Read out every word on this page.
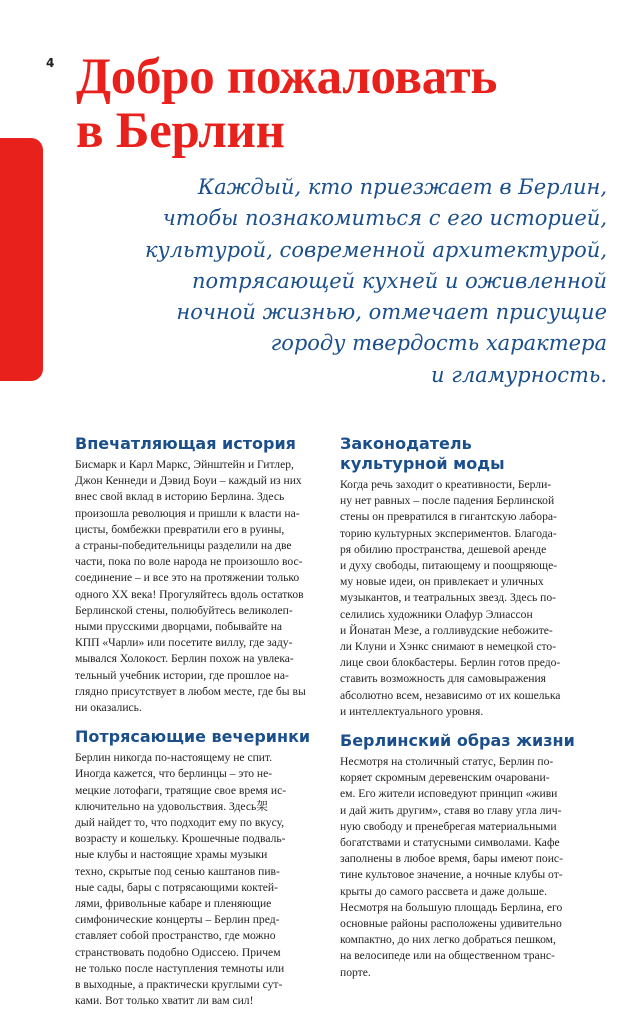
4 Добро пожаловать
в Берлин

Каждый, кто приезжает в Берлин,
чтобы познакомиться с его историей,
культурой, современной архитектурой,
потрясающей кухней и оживленной
ночной жизнью, отмечает присущие
городу твердость характера
и гламурность.

Впечатляющая история
Бисмарк и Карл Маркс, Эйнштейн и Гитлер,
Джон Кеннеди и Дэвид Боуи – каждый из них
внес свой вклад в историю Берлина. Здесь
произошла революция и пришли к власти на-
цисты, бомбежки превратили его в руины,
а страны-победительницы разделили на две
части, пока по воле народа не произошло вос-
соединение – и все это на протяжении только
одного XX века! Прогуляйтесь вдоль остатков
Берлинской стены, полюбуйтесь великолеп-
ными прусскими дворцами, побывайте на
КПП «Чарли» или посетите виллу, где заду-
мывался Холокост. Берлин похож на увлека-
тельный учебник истории, где прошлое на-
глядно присутствует в любом месте, где бы вы
ни оказались.
Потрясающие вечеринки
Берлин никогда по-настоящему не спит.
Иногда кажется, что берлинцы – это не-
мецкие лотофаги, тратящие свое время ис-
ключительно на удовольствия. Здесь架
дый найдет то, что подходит ему по вкусу,
возрасту и кошельку. Крошечные подваль-
ные клубы и настоящие храмы музыки
техно, скрытые под сенью каштанов пив-
ные сады, бары с потрясающими коктей-
лями, фривольные кабаре и пленяющие
симфонические концерты – Берлин пред-
ставляет собой пространство, где можно
странствовать подобно Одиссею. Причем
не только после наступления темноты или
в выходные, а практически круглыми сут-
ками. Вот только хватит ли вам сил!
Законодатель
культурной моды
Когда речь заходит о креативности, Берли-
ну нет равных – после падения Берлинской
стены он превратился в гигантскую лабора-
торию культурных экспериментов. Благода-
ря обилию пространства, дешевой аренде
и духу свободы, питающему и поощряюще-
му новые идеи, он привлекает и уличных
музыкантов, и театральных звезд. Здесь по-
селились художники Олафур Элиассон
и Йонатан Мезе, а голливудские небожите-
ли Клуни и Хэнкс снимают в немецкой сто-
лице свои блокбастеры. Берлин готов предо-
ставить возможность для самовыражения
абсолютно всем, независимо от их кошелька
и интеллектуального уровня.
Берлинский образ жизни
Несмотря на столичный статус, Берлин по-
коряет скромным деревенским очаровани-
ем. Его жители исповедуют принцип «живи
и дай жить другим», ставя во главу угла лич-
ную свободу и пренебрегая материальными
богатствами и статусными символами. Кафе
заполнены в любое время, бары имеют поис-
тине культовое значение, а ночные клубы от-
крыты до самого рассвета и даже дольше.
Несмотря на большую площадь Берлина, его
основные районы расположены удивительно
компактно, до них легко добраться пешком,
на велосипеде или на общественном транс-
порте.
